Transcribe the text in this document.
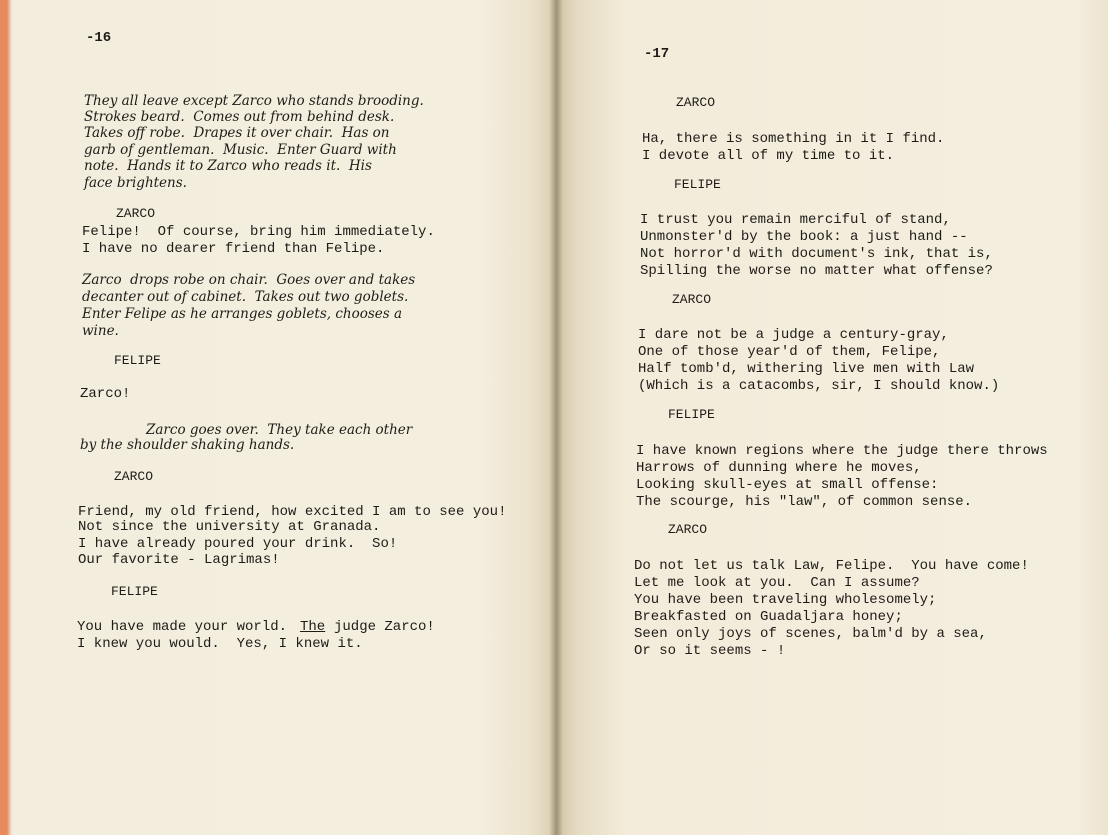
-16
They all leave except Zarco who stands brooding.
Strokes beard.  Comes out from behind desk.
Takes off robe.  Drapes it over chair.  Has on
garb of gentleman.  Music.  Enter Guard with
note.  Hands it to Zarco who reads it.  His
face brightens.
ZARCO
Felipe!  Of course, bring him immediately.
I have no dearer friend than Felipe.
Zarco  drops robe on chair.  Goes over and takes
decanter out of cabinet.  Takes out two goblets.
Enter Felipe as he arranges goblets, chooses a
wine.
FELIPE
Zarco!
Zarco goes over.  They take each other
by the shoulder shaking hands.
ZARCO
Friend, my old friend, how excited I am to see you!
Not since the university at Granada.
I have already poured your drink.  So!
Our favorite - Lagrimas!
FELIPE
You have made your world. The judge Zarco!
I knew you would.  Yes, I knew it.
-17
ZARCO
Ha, there is something in it I find.
I devote all of my time to it.
FELIPE
I trust you remain merciful of stand,
Unmonster'd by the book: a just hand --
Not horror'd with document's ink, that is,
Spilling the worse no matter what offense?
ZARCO
I dare not be a judge a century-gray,
One of those year'd of them, Felipe,
Half tomb'd, withering live men with Law
(Which is a catacombs, sir, I should know.)
FELIPE
I have known regions where the judge there throws
Harrows of dunning where he moves,
Looking skull-eyes at small offense:
The scourge, his "law", of common sense.
ZARCO
Do not let us talk Law, Felipe.  You have come!
Let me look at you.  Can I assume?
You have been traveling wholesomely;
Breakfasted on Guadaljara honey;
Seen only joys of scenes, balm'd by a sea,
Or so it seems - !
